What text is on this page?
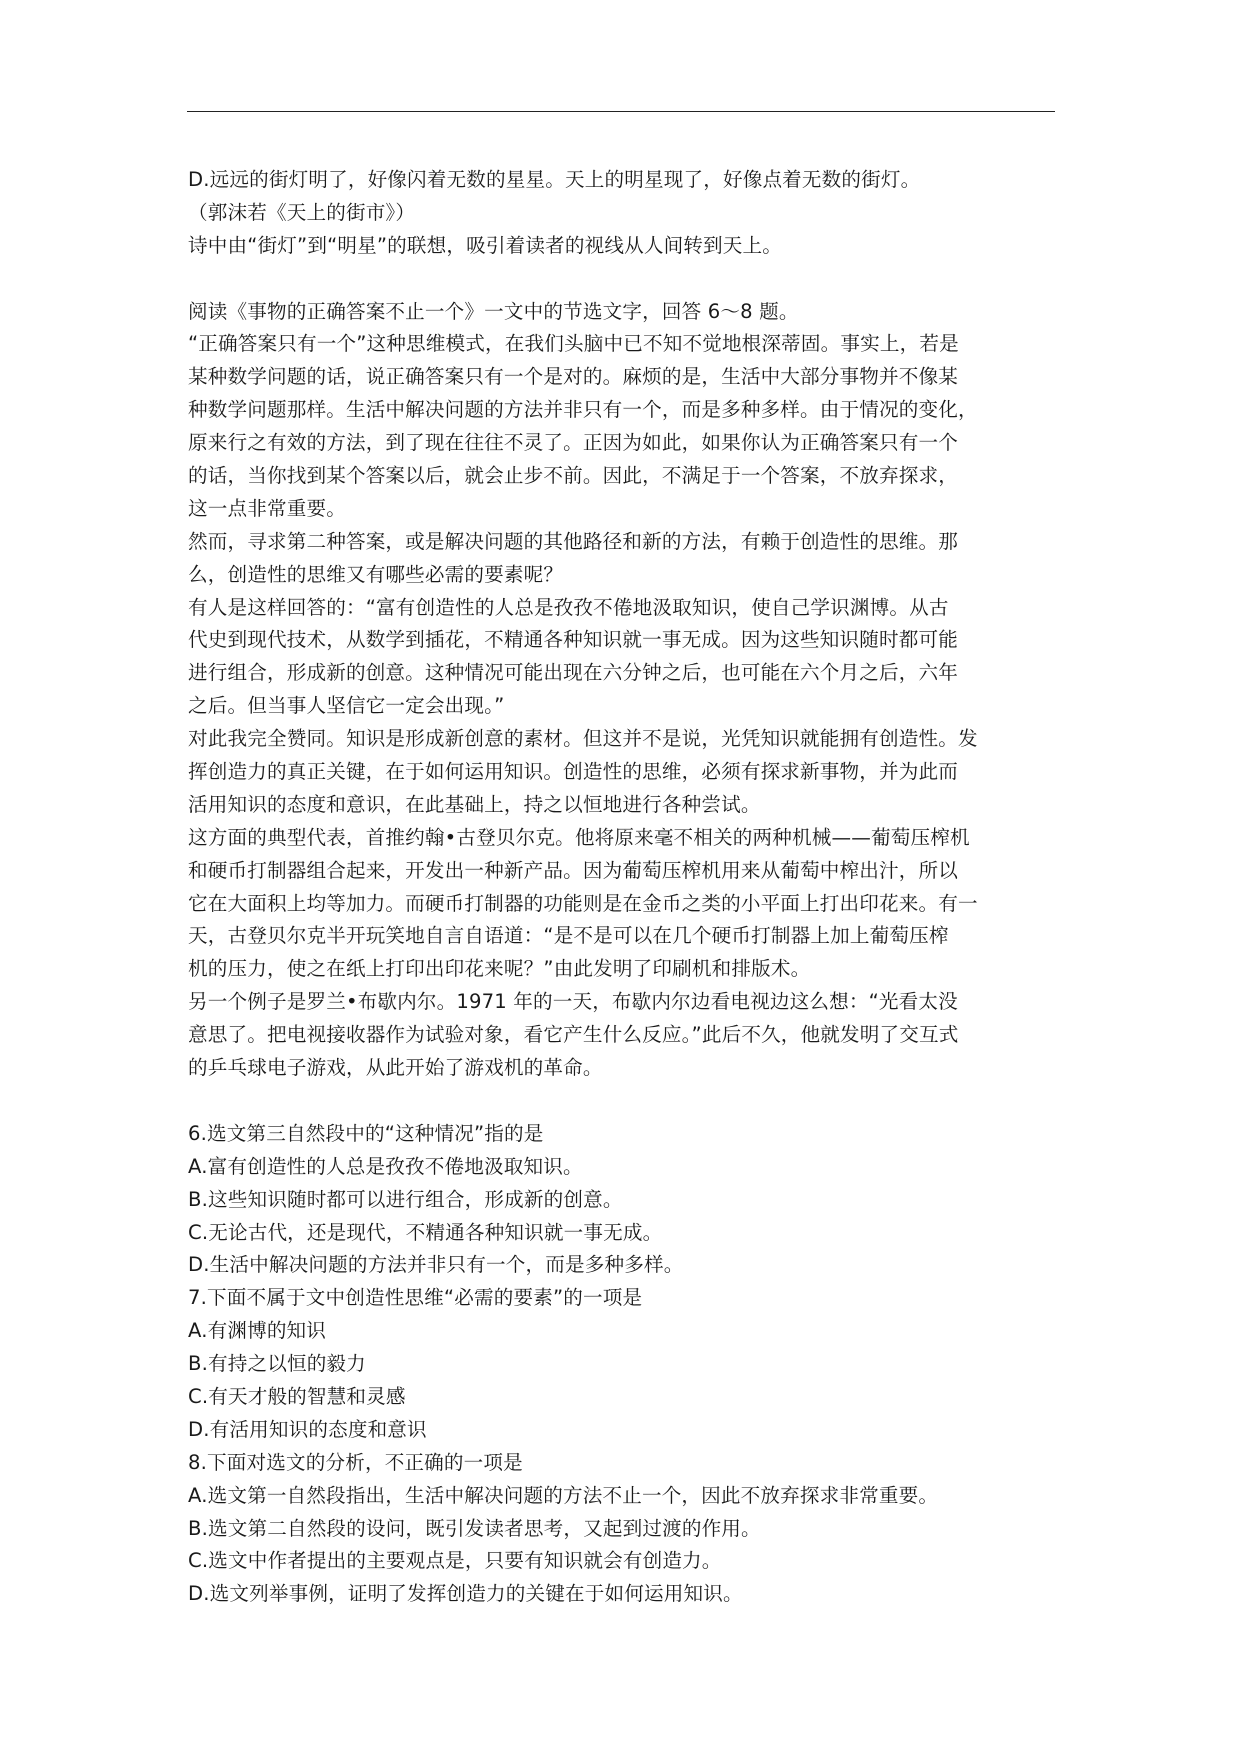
D.远远的街灯明了，好像闪着无数的星星。天上的明星现了，好像点着无数的街灯。
（郭沫若《天上的街市》）
诗中由“街灯”到“明星”的联想，吸引着读者的视线从人间转到天上。
阅读《事物的正确答案不止一个》一文中的节选文字，回答 6～8 题。
“正确答案只有一个”这种思维模式，在我们头脑中已不知不觉地根深蒂固。事实上，若是
某种数学问题的话，说正确答案只有一个是对的。麻烦的是，生活中大部分事物并不像某
种数学问题那样。生活中解决问题的方法并非只有一个，而是多种多样。由于情况的变化，
原来行之有效的方法，到了现在往往不灵了。正因为如此，如果你认为正确答案只有一个
的话，当你找到某个答案以后，就会止步不前。因此，不满足于一个答案，不放弃探求，
这一点非常重要。
然而，寻求第二种答案，或是解决问题的其他路径和新的方法，有赖于创造性的思维。那
么，创造性的思维又有哪些必需的要素呢？
有人是这样回答的：“富有创造性的人总是孜孜不倦地汲取知识，使自己学识渊博。从古
代史到现代技术，从数学到插花，不精通各种知识就一事无成。因为这些知识随时都可能
进行组合，形成新的创意。这种情况可能出现在六分钟之后，也可能在六个月之后，六年
之后。但当事人坚信它一定会出现。”
对此我完全赞同。知识是形成新创意的素材。但这并不是说，光凭知识就能拥有创造性。发
挥创造力的真正关键，在于如何运用知识。创造性的思维，必须有探求新事物，并为此而
活用知识的态度和意识，在此基础上，持之以恒地进行各种尝试。
这方面的典型代表，首推约翰•古登贝尔克。他将原来毫不相关的两种机械——葡萄压榨机
和硬币打制器组合起来，开发出一种新产品。因为葡萄压榨机用来从葡萄中榨出汁，所以
它在大面积上均等加力。而硬币打制器的功能则是在金币之类的小平面上打出印花来。有一
天，古登贝尔克半开玩笑地自言自语道：“是不是可以在几个硬币打制器上加上葡萄压榨
机的压力，使之在纸上打印出印花来呢？”由此发明了印刷机和排版术。
另一个例子是罗兰•布歇内尔。1971 年的一天，布歇内尔边看电视边这么想：“光看太没
意思了。把电视接收器作为试验对象，看它产生什么反应。”此后不久，他就发明了交互式
的乒乓球电子游戏，从此开始了游戏机的革命。
6.选文第三自然段中的“这种情况”指的是
A.富有创造性的人总是孜孜不倦地汲取知识。
B.这些知识随时都可以进行组合，形成新的创意。
C.无论古代，还是现代，不精通各种知识就一事无成。
D.生活中解决问题的方法并非只有一个，而是多种多样。
7.下面不属于文中创造性思维“必需的要素”的一项是
A.有渊博的知识
B.有持之以恒的毅力
C.有天才般的智慧和灵感
D.有活用知识的态度和意识
8.下面对选文的分析，不正确的一项是
A.选文第一自然段指出，生活中解决问题的方法不止一个，因此不放弃探求非常重要。
B.选文第二自然段的设问，既引发读者思考，又起到过渡的作用。
C.选文中作者提出的主要观点是，只要有知识就会有创造力。
D.选文列举事例，证明了发挥创造力的关键在于如何运用知识。
